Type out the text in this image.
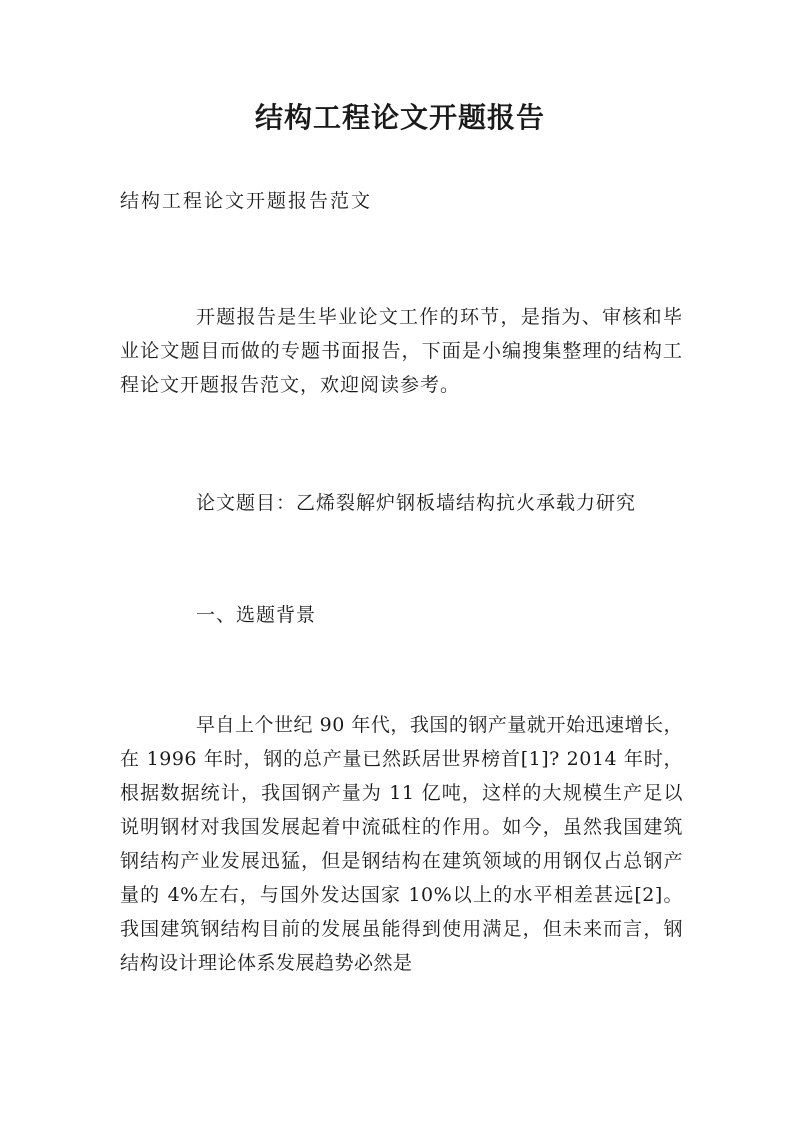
结构工程论文开题报告

结构工程论文开题报告范文

开题报告是生毕业论文工作的环节，是指为、审核和毕业论文题目而做的专题书面报告，下面是小编搜集整理的结构工程论文开题报告范文，欢迎阅读参考。

论文题目：乙烯裂解炉钢板墙结构抗火承载力研究

一、选题背景

早自上个世纪 90 年代，我国的钢产量就开始迅速增长，在 1996 年时，钢的总产量已然跃居世界榜首[1]? 2014 年时，根据数据统计，我国钢产量为 11 亿吨，这样的大规模生产足以说明钢材对我国发展起着中流砥柱的作用。如今，虽然我国建筑钢结构产业发展迅猛，但是钢结构在建筑领域的用钢仅占总钢产量的 4%左右，与国外发达国家 10%以上的水平相差甚远[2]。我国建筑钢结构目前的发展虽能得到使用满足，但未来而言，钢结构设计理论体系发展趋势必然是
